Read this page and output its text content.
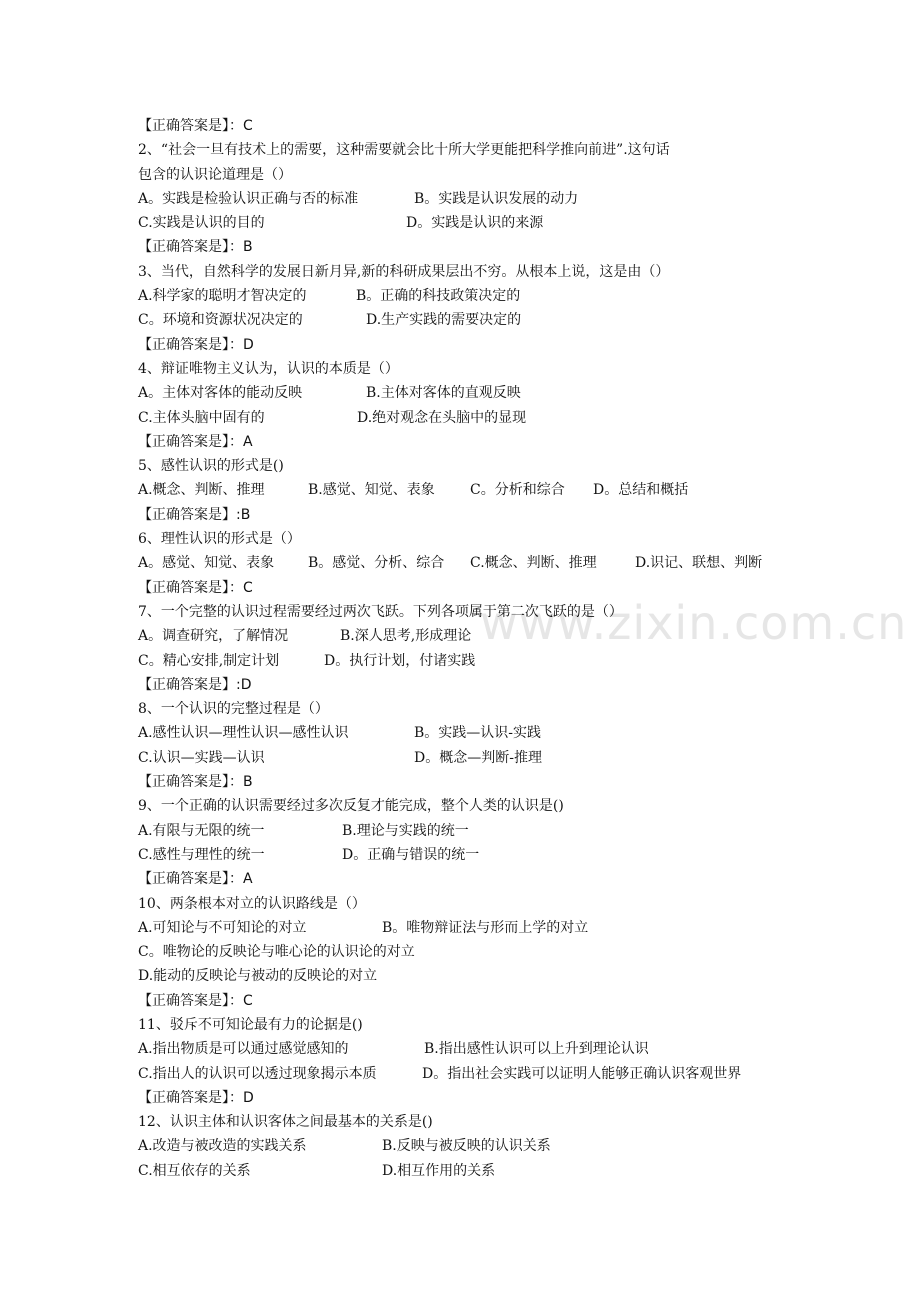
www.zixin.com.cn
【正确答案是】：C
2、“社会一旦有技术上的需要，这种需要就会比十所大学更能把科学推向前进”.这句话
包含的认识论道理是（）
A。实践是检验认识正确与否的标准	B。实践是认识发展的动力
C.实践是认识的目的	D。实践是认识的来源
【正确答案是】：B
3、当代，自然科学的发展日新月异,新的科研成果层出不穷。从根本上说，这是由（）
A.科学家的聪明才智决定的	B。正确的科技政策决定的
C。环境和资源状况决定的	D.生产实践的需要决定的
【正确答案是】：D
4、辩证唯物主义认为，认识的本质是（）
A。主体对客体的能动反映	B.主体对客体的直观反映
C.主体头脑中固有的	D.绝对观念在头脑中的显现
【正确答案是】：A
5、感性认识的形式是()
A.概念、判断、推理	B.感觉、知觉、表象	C。分析和综合 D。总结和概括
【正确答案是】:B
6、理性认识的形式是（）
A。感觉、知觉、表象 B。感觉、分析、综合 C.概念、判断、推理	D.识记、联想、判断
【正确答案是】：C
7、一个完整的认识过程需要经过两次飞跃。下列各项属于第二次飞跃的是（）
A。调查研究，了解情况	B.深人思考,形成理论
C。精心安排,制定计划	D。执行计划，付诸实践
【正确答案是】:D
8、一个认识的完整过程是（）
A.感性认识—理性认识—感性认识	B。实践—认识-实践
C.认识—实践—认识	D。概念—判断-推理
【正确答案是】：B
9、一个正确的认识需要经过多次反复才能完成，整个人类的认识是()
A.有限与无限的统一	B.理论与实践的统一
C.感性与理性的统一	D。正确与错误的统一
【正确答案是】：A
10、两条根本对立的认识路线是（）
A.可知论与不可知论的对立	B。唯物辩证法与形而上学的对立
C。唯物论的反映论与唯心论的认识论的对立
D.能动的反映论与被动的反映论的对立
【正确答案是】：C
11、驳斥不可知论最有力的论据是()
A.指出物质是可以通过感觉感知的	B.指出感性认识可以上升到理论认识
C.指出人的认识可以透过现象揭示本质	D。指出社会实践可以证明人能够正确认识客观世界
【正确答案是】：D
12、认识主体和认识客体之间最基本的关系是()
A.改造与被改造的实践关系	B.反映与被反映的认识关系
C.相互依存的关系	D.相互作用的关系
